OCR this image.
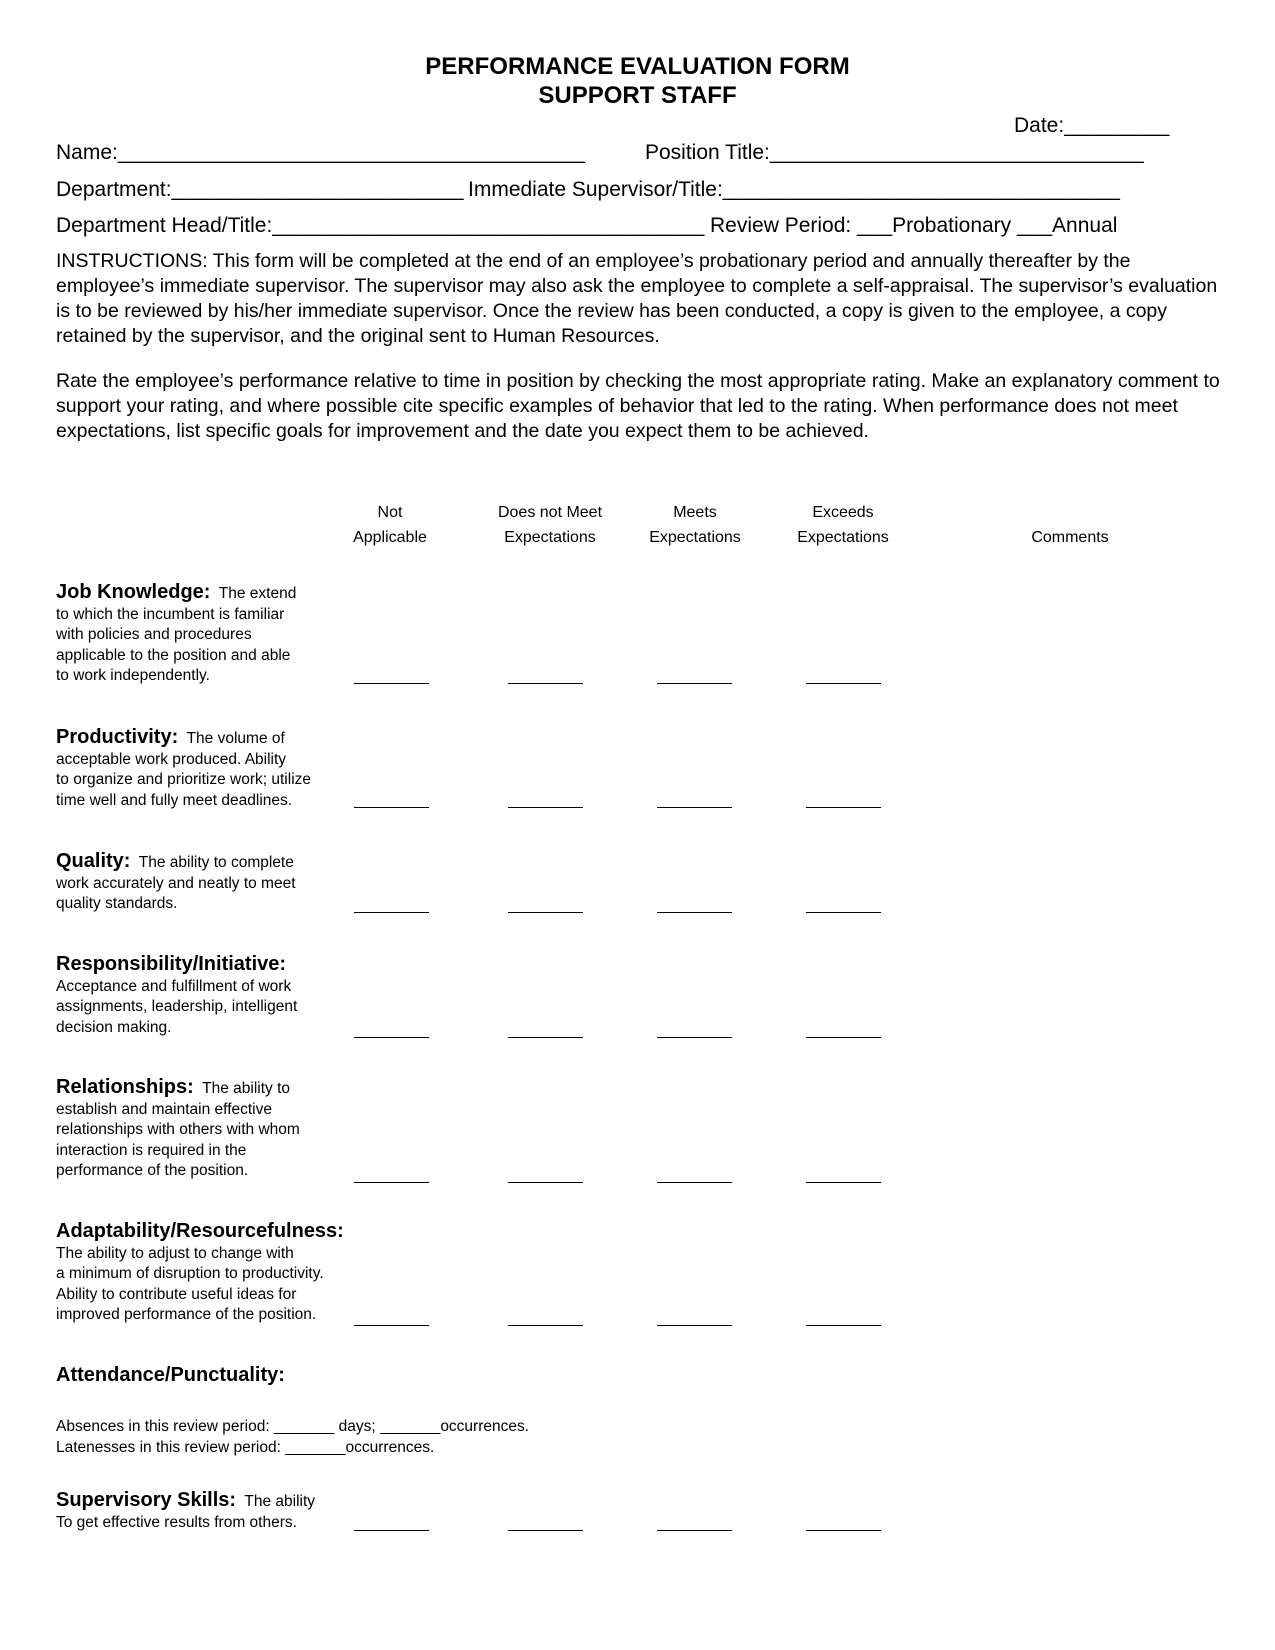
PERFORMANCE EVALUATION FORM
SUPPORT STAFF
Date:_________
Name:________________________________________	Position Title:________________________________
Department:_________________________ Immediate Supervisor/Title:__________________________________
Department Head/Title:_____________________________________ Review Period: ___Probationary ___Annual

INSTRUCTIONS: This form will be completed at the end of an employee’s probationary period and annually thereafter by the employee’s immediate supervisor. The supervisor may also ask the employee to complete a self-appraisal. The supervisor’s evaluation is to be reviewed by his/her immediate supervisor. Once the review has been conducted, a copy is given to the employee, a copy retained by the supervisor, and the original sent to Human Resources.

Rate the employee’s performance relative to time in position by checking the most appropriate rating. Make an explanatory comment to support your rating, and where possible cite specific examples of behavior that led to the rating. When performance does not meet expectations, list specific goals for improvement and the date you expect them to be achieved.

Not
Applicable
Does not Meet
Expectations
Meets
Expectations
Exceeds
Expectations	Comments
Job Knowledge:  The extend
to which the incumbent is familiar
with policies and procedures
applicable to the position and able
to work independently.
Productivity:  The volume of
acceptable work produced. Ability
to organize and prioritize work; utilize
time well and fully meet deadlines.
Quality:  The ability to complete
work accurately and neatly to meet
quality standards.
Responsibility/Initiative:
Acceptance and fulfillment of work
assignments, leadership, intelligent
decision making.
Relationships:  The ability to
establish and maintain effective
relationships with others with whom
interaction is required in the
performance of the position.
Adaptability/Resourcefulness:
The ability to adjust to change with
a minimum of disruption to productivity.
Ability to contribute useful ideas for
improved performance of the position.
Attendance/Punctuality:
Absences in this review period: _______ days; _______occurrences.
Latenesses in this review period: _______occurrences.
Supervisory Skills:  The ability
To get effective results from others.
